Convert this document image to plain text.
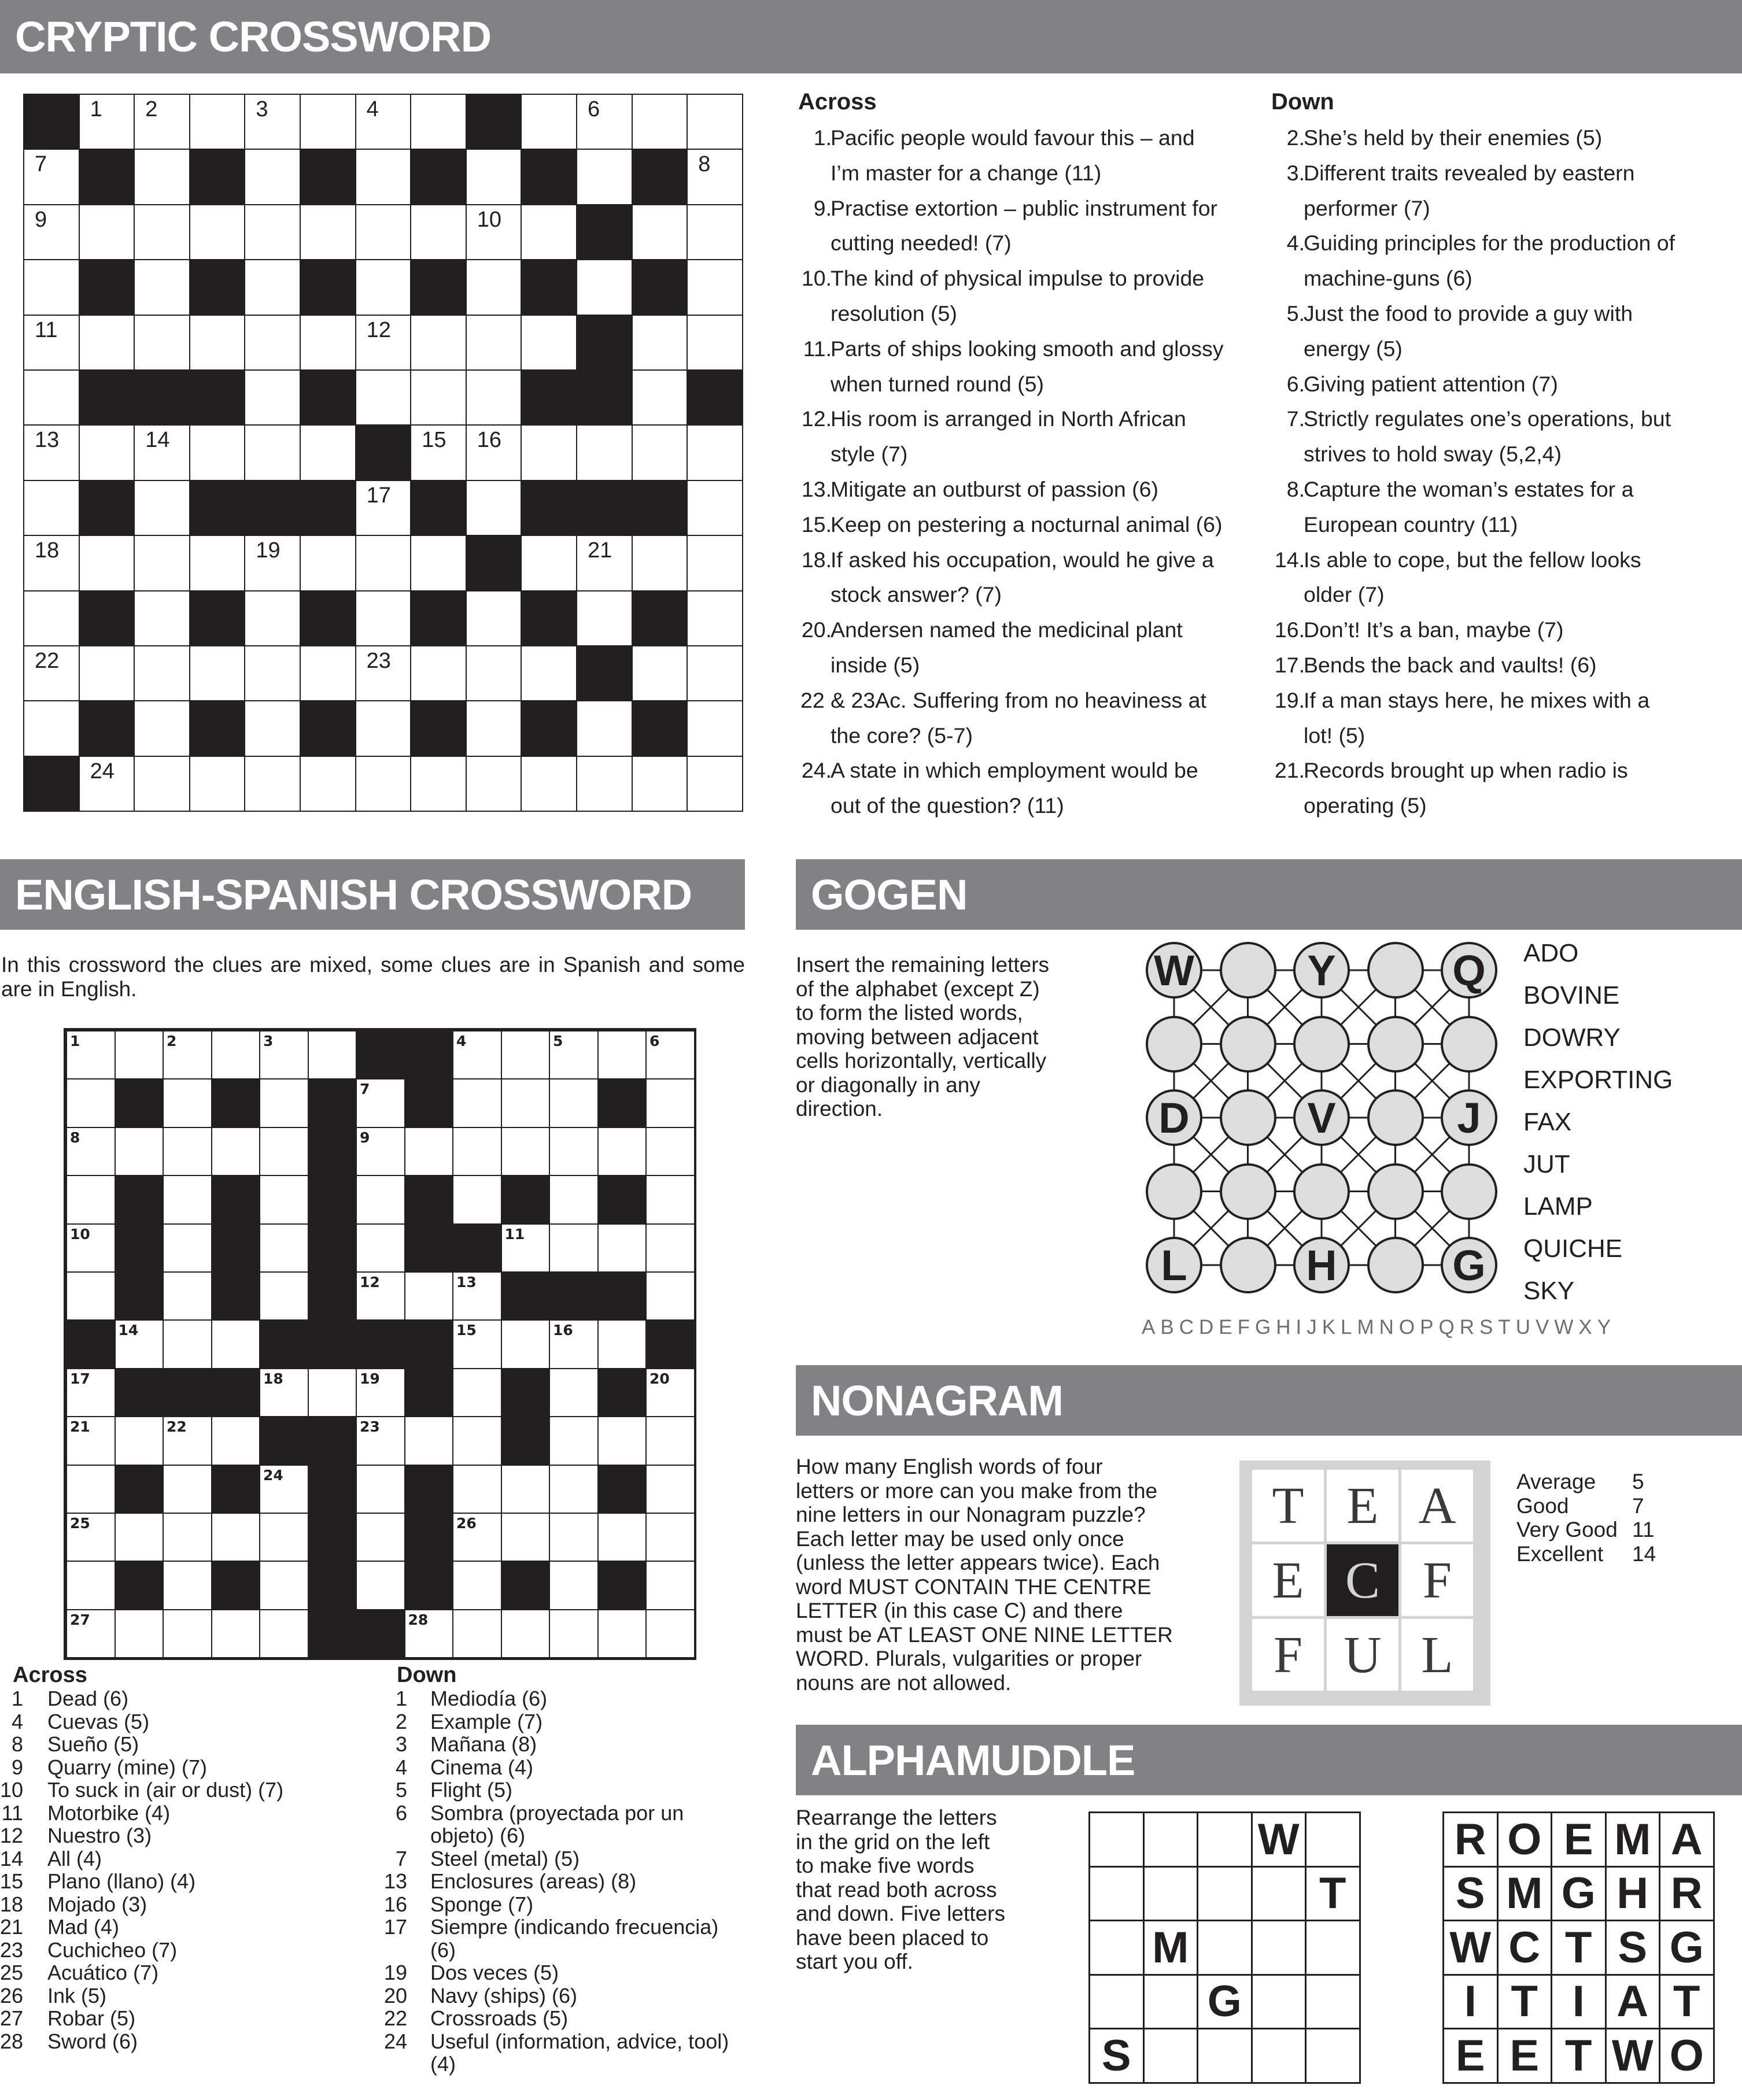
CRYPTIC CROSSWORD
1 2	3	4	5	6
7	8
9	10
11	12
13	14	15 16
17
18	19	20	21
22	23
24
Across	Down
1.
Pacific people would favour this – and
I’m master for a change (11)
9.
Practise extortion – public instrument for
cutting needed! (7)
10.
The kind of physical impulse to provide
resolution (5)
11.
Parts of ships looking smooth and glossy
when turned round (5)
12.
His room is arranged in North African
style (7)
13.
Mitigate an outburst of passion (6)
15.
Keep on pestering a nocturnal animal (6)
18.
If asked his occupation, would he give a
stock answer? (7)
20.
Andersen named the medicinal plant
inside (5)
22 & 23Ac. Suffering from no heaviness at
the core? (5-7)
24.
A state in which employment would be
out of the question? (11)
2.
She’s held by their enemies (5)
3.
Different traits revealed by eastern
performer (7)
4.
Guiding principles for the production of
machine-guns (6)
5.
Just the food to provide a guy with
energy (5)
6.
Giving patient attention (7)
7.
Strictly regulates one’s operations, but
strives to hold sway (5,2,4)
8.
Capture the woman’s estates for a
European country (11)
14.
Is able to cope, but the fellow looks
older (7)
16.
Don’t! It’s a ban, maybe (7)
17.
Bends the back and vaults! (6)
19.
If a man stays here, he mixes with a
lot! (5)
21.
Records brought up when radio is
operating (5)
ENGLISH-SPANISH CROSSWORD
In this crossword the clues are mixed, some clues are in Spanish and some are in English.
1	2	3	4	5	6
7
8	9
10	11
12	13
14	15	16
17	18	19	20
21	22	23
24
25	26
27	28
Across	Down
1 Dead (6)
4 Cuevas (5)
8 Sueño (5)
9 Quarry (mine) (7)
10 To suck in (air or dust) (7)
11 Motorbike (4)
12 Nuestro (3)
14 All (4)
15 Plano (llano) (4)
18 Mojado (3)
21 Mad (4)
23 Cuchicheo (7)
25 Acuático (7)
26 Ink (5)
27 Robar (5)
28 Sword (6)
1 Mediodía (6)
2 Example (7)
3 Mañana (8)
4 Cinema (4)
5 Flight (5)
6 Sombra (proyectada por un
objeto) (6)
7 Steel (metal) (5)
13 Enclosures (areas) (8)
16 Sponge (7)
17 Siempre (indicando frecuencia)
(6)
19 Dos veces (5)
20 Navy (ships) (6)
22 Crossroads (5)
24 Useful (information, advice, tool)
(4)
GOGEN
Insert the remaining letters
of the alphabet (except Z)
to form the listed words,
moving between adjacent
cells horizontally, vertically
or diagonally in any
direction.
W	Y	Q
D	V	J
L	H	G
ADO
BOVINE
DOWRY
EXPORTING
FAX
JUT
LAMP
QUICHE
SKY
ABCDEFGHIJKLMNOPQRSTUVWXY
NONAGRAM
How many English words of four
letters or more can you make from the
nine letters in our Nonagram puzzle?
Each letter may be used only once
(unless the letter appears twice). Each
word MUST CONTAIN THE CENTRE
LETTER (in this case C) and there
must be AT LEAST ONE NINE LETTER
WORD. Plurals, vulgarities or proper
nouns are not allowed.
T E A
E C F
F U L
Average 5
Good	7
Very Good 11
Excellent 14
ALPHAMUDDLE
Rearrange the letters
in the grid on the left
to make five words
that read both across
and down. Five letters
have been placed to
start you off.
W
T
M
G
S
R O E M A
S M G H R
W C T S G
I T I A T
E E T W O
